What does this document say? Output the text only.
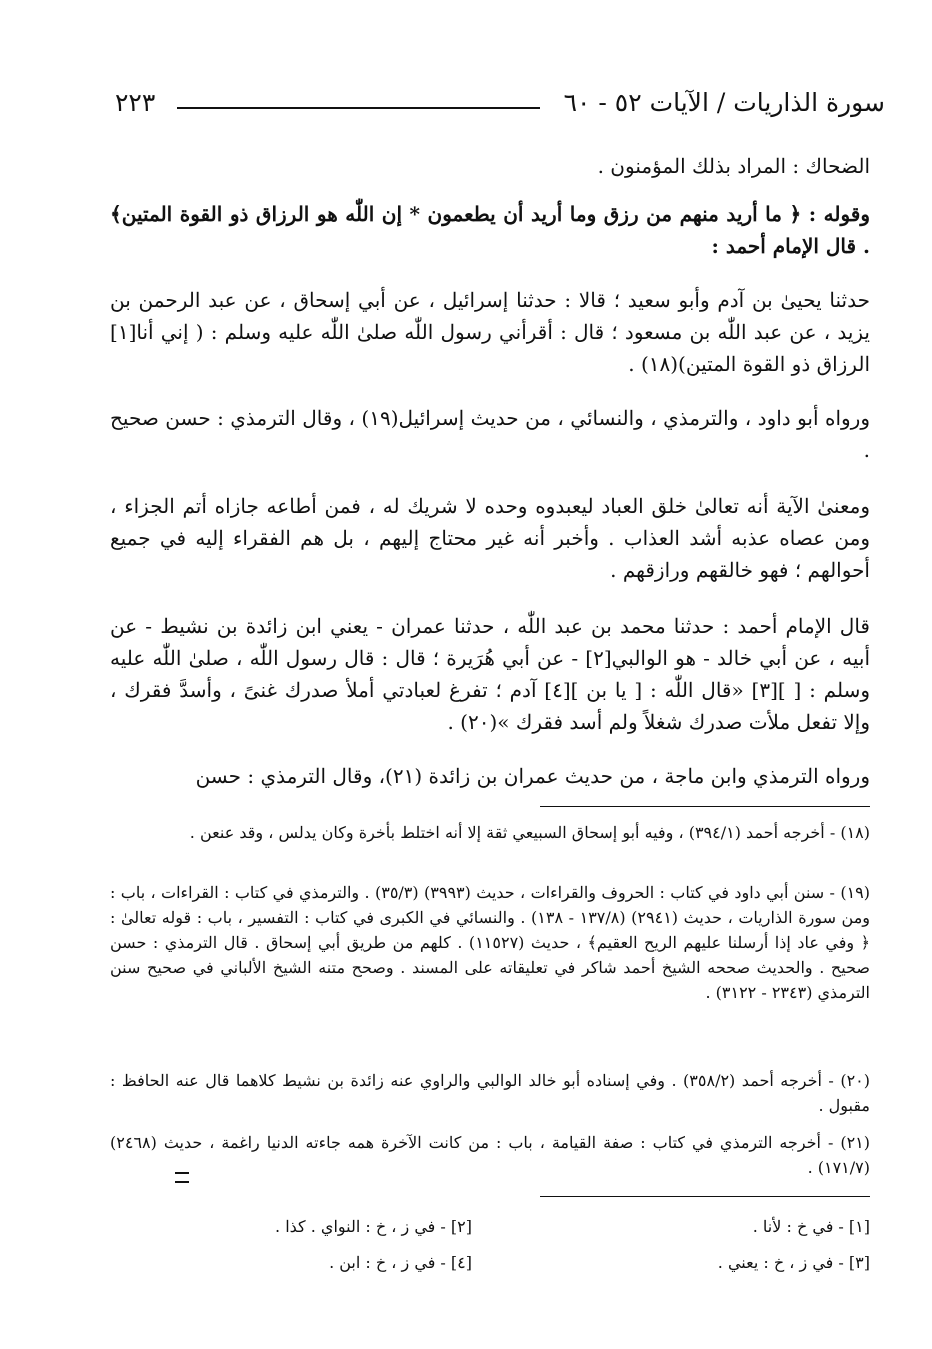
سورة الذاريات / الآيات ٥٢ - ٦٠
٢٢٣

الضحاك : المراد بذلك المؤمنون .

وقوله : ﴿ ما أريد منهم من رزق وما أريد أن يطعمون * إن اللّٰه هو الرزاق ذو القوة المتين﴾ . قال الإمام أحمد :

حدثنا يحيىٰ بن آدم وأبو سعيد ؛ قالا : حدثنا إسرائيل ، عن أبي إسحاق ، عن عبد الرحمن بن يزيد ، عن عبد اللّٰه بن مسعود ؛ قال : أقرأني رسول اللّٰه صلىٰ اللّٰه عليه وسلم : ( إني أنا[١] الرزاق ذو القوة المتين)(١٨) .

ورواه أبو داود ، والترمذي ، والنسائي ، من حديث إسرائيل(١٩) ، وقال الترمذي : حسن صحيح .

ومعنىٰ الآية أنه تعالىٰ خلق العباد ليعبدوه وحده لا شريك له ، فمن أطاعه جازاه أتم الجزاء ، ومن عصاه عذبه أشد العذاب . وأخبر أنه غير محتاج إليهم ، بل هم الفقراء إليه في جميع أحوالهم ؛ فهو خالقهم ورازقهم .

قال الإمام أحمد : حدثنا محمد بن عبد اللّٰه ، حدثنا عمران - يعني ابن زائدة بن نشيط - عن أبيه ، عن أبي خالد - هو الوالبي[٢] - عن أبي هُرَيرة ؛ قال : قال رسول اللّٰه ، صلىٰ اللّٰه عليه وسلم : [ ][٣] «قال اللّٰه : [ يا بن ][٤] آدم ؛ تفرغ لعبادتي أملأ صدرك غنىً ، وأسدَّ فقرك ، وإلا تفعل ملأت صدرك شغلاً ولم أسد فقرك »(٢٠) .

ورواه الترمذي وابن ماجة ، من حديث عمران بن زائدة (٢١)، وقال الترمذي : حسن

(١٨) - أخرجه أحمد (٣٩٤/١) ، وفيه أبو إسحاق السبيعي ثقة إلا أنه اختلط بأخرة وكان يدلس ، وقد عنعن .

(١٩) - سنن أبي داود في كتاب : الحروف والقراءات ، حديث (٣٩٩٣) (٣٥/٣) . والترمذي في كتاب : القراءات ، باب : ومن سورة الذاريات ، حديث (٢٩٤١) (١٣٧/٨ - ١٣٨) . والنسائي في الكبرى في كتاب : التفسير ، باب : قوله تعالىٰ : ﴿ وفي عاد إذا أرسلنا عليهم الريح العقيم﴾ ، حديث (١١٥٢٧) . كلهم من طريق أبي إسحاق . قال الترمذي : حسن صحيح . والحديث صححه الشيخ أحمد شاكر في تعليقاته على المسند . وصحح متنه الشيخ الألباني في صحيح سنن الترمذي (٢٣٤٣ - ٣١٢٢) .

(٢٠) - أخرجه أحمد (٣٥٨/٢) . وفي إسناده أبو خالد الوالبي والراوي عنه زائدة بن نشيط كلاهما قال عنه الحافظ : مقبول .

(٢١) - أخرجه الترمذي في كتاب : صفة القيامة ، باب : من كانت الآخرة همه جاءته الدنيا راغمة ، حديث (٢٤٦٨) (١٧١/٧) .

[١] - في خ : لأنا .
[٢] - في ز ، خ : النواي . كذا .
[٣] - في ز ، خ : يعني .
[٤] - في ز ، خ : ابن .
